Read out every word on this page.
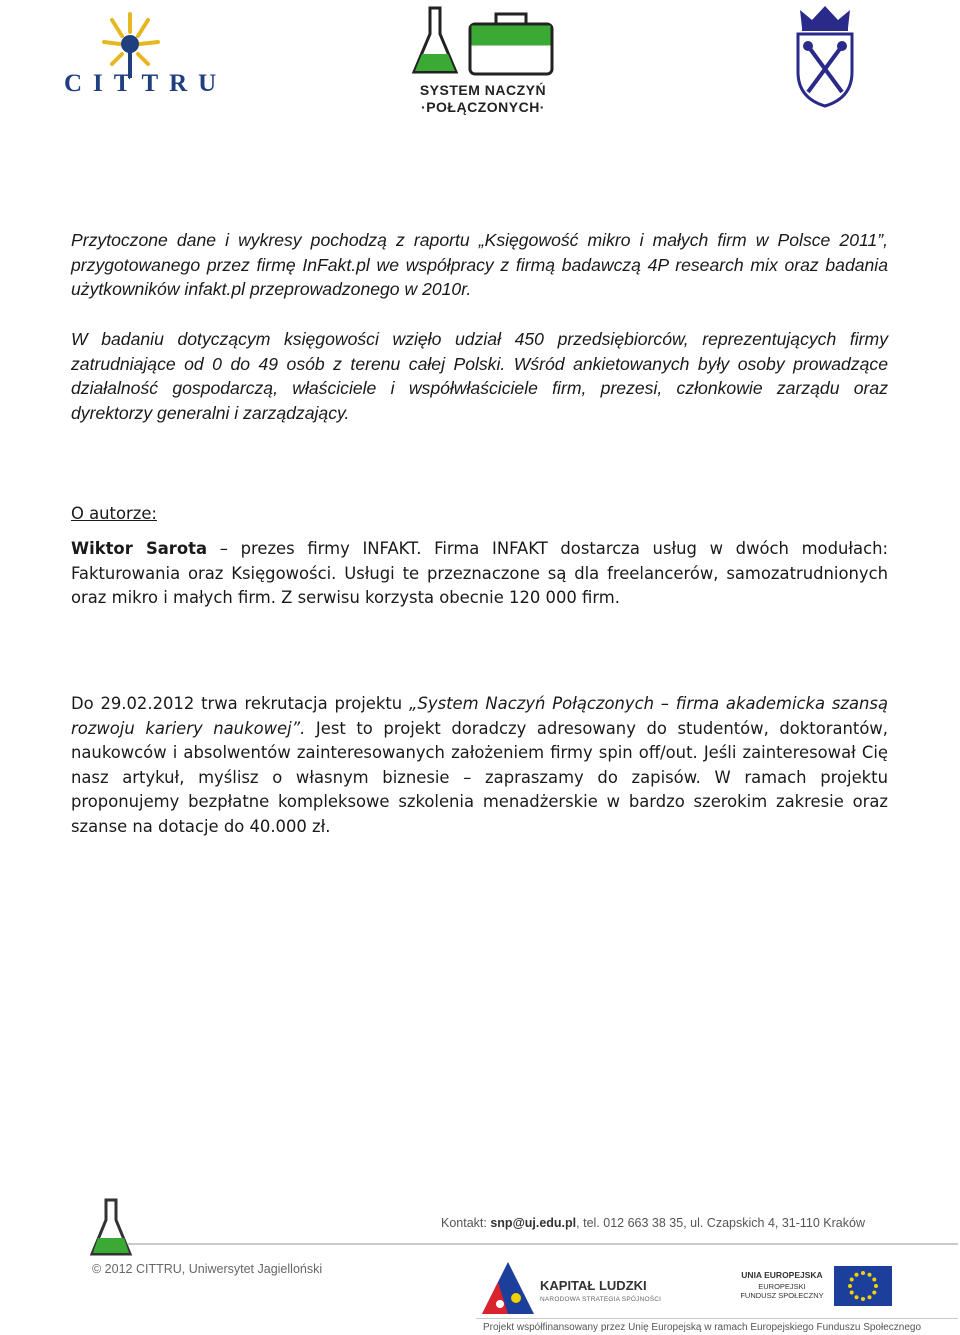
CITTRU	SYSTEM NACZYŃ
·POŁĄCZONYCH·

Przytoczone dane i wykresy pochodzą z raportu „Księgowość mikro i małych firm w Polsce 2011”, przygotowanego przez firmę InFakt.pl we współpracy z firmą badawczą 4P research mix oraz badania użytkowników infakt.pl przeprowadzonego w 2010r.

W badaniu dotyczącym księgowości wzięło udział 450 przedsiębiorców, reprezentujących firmy zatrudniające od 0 do 49 osób z terenu całej Polski. Wśród ankietowanych były osoby prowadzące działalność gospodarczą, właściciele i współwłaściciele firm, prezesi, członkowie zarządu oraz dyrektorzy generalni i zarządzający.

O autorze:

Wiktor Sarota – prezes firmy INFAKT. Firma INFAKT dostarcza usług w dwóch modułach: Fakturowania oraz Księgowości. Usługi te przeznaczone są dla freelancerów, samozatrudnionych oraz mikro i małych firm. Z serwisu korzysta obecnie 120 000 firm.

Do 29.02.2012 trwa rekrutacja projektu „System Naczyń Połączonych – firma akademicka szansą rozwoju kariery naukowej”. Jest to projekt doradczy adresowany do studentów, doktorantów, naukowców i absolwentów zainteresowanych założeniem firmy spin off/out. Jeśli zainteresował Cię nasz artykuł, myślisz o własnym biznesie – zapraszamy do zapisów. W ramach projektu proponujemy bezpłatne kompleksowe szkolenia menadżerskie w bardzo szerokim zakresie oraz szanse na dotacje do 40.000 zł.

Kontakt: snp@uj.edu.pl, tel. 012 663 38 35, ul. Czapskich 4, 31-110 Kraków
© 2012 CITTRU, Uniwersytet Jagielloński
KAPITAŁ LUDZKI
NARODOWA STRATEGIA SPÓJNOŚCI
UNIA EUROPEJSKA
EUROPEJSKI
FUNDUSZ SPOŁECZNY
Projekt współfinansowany przez Unię Europejską w ramach Europejskiego Funduszu Społecznego
